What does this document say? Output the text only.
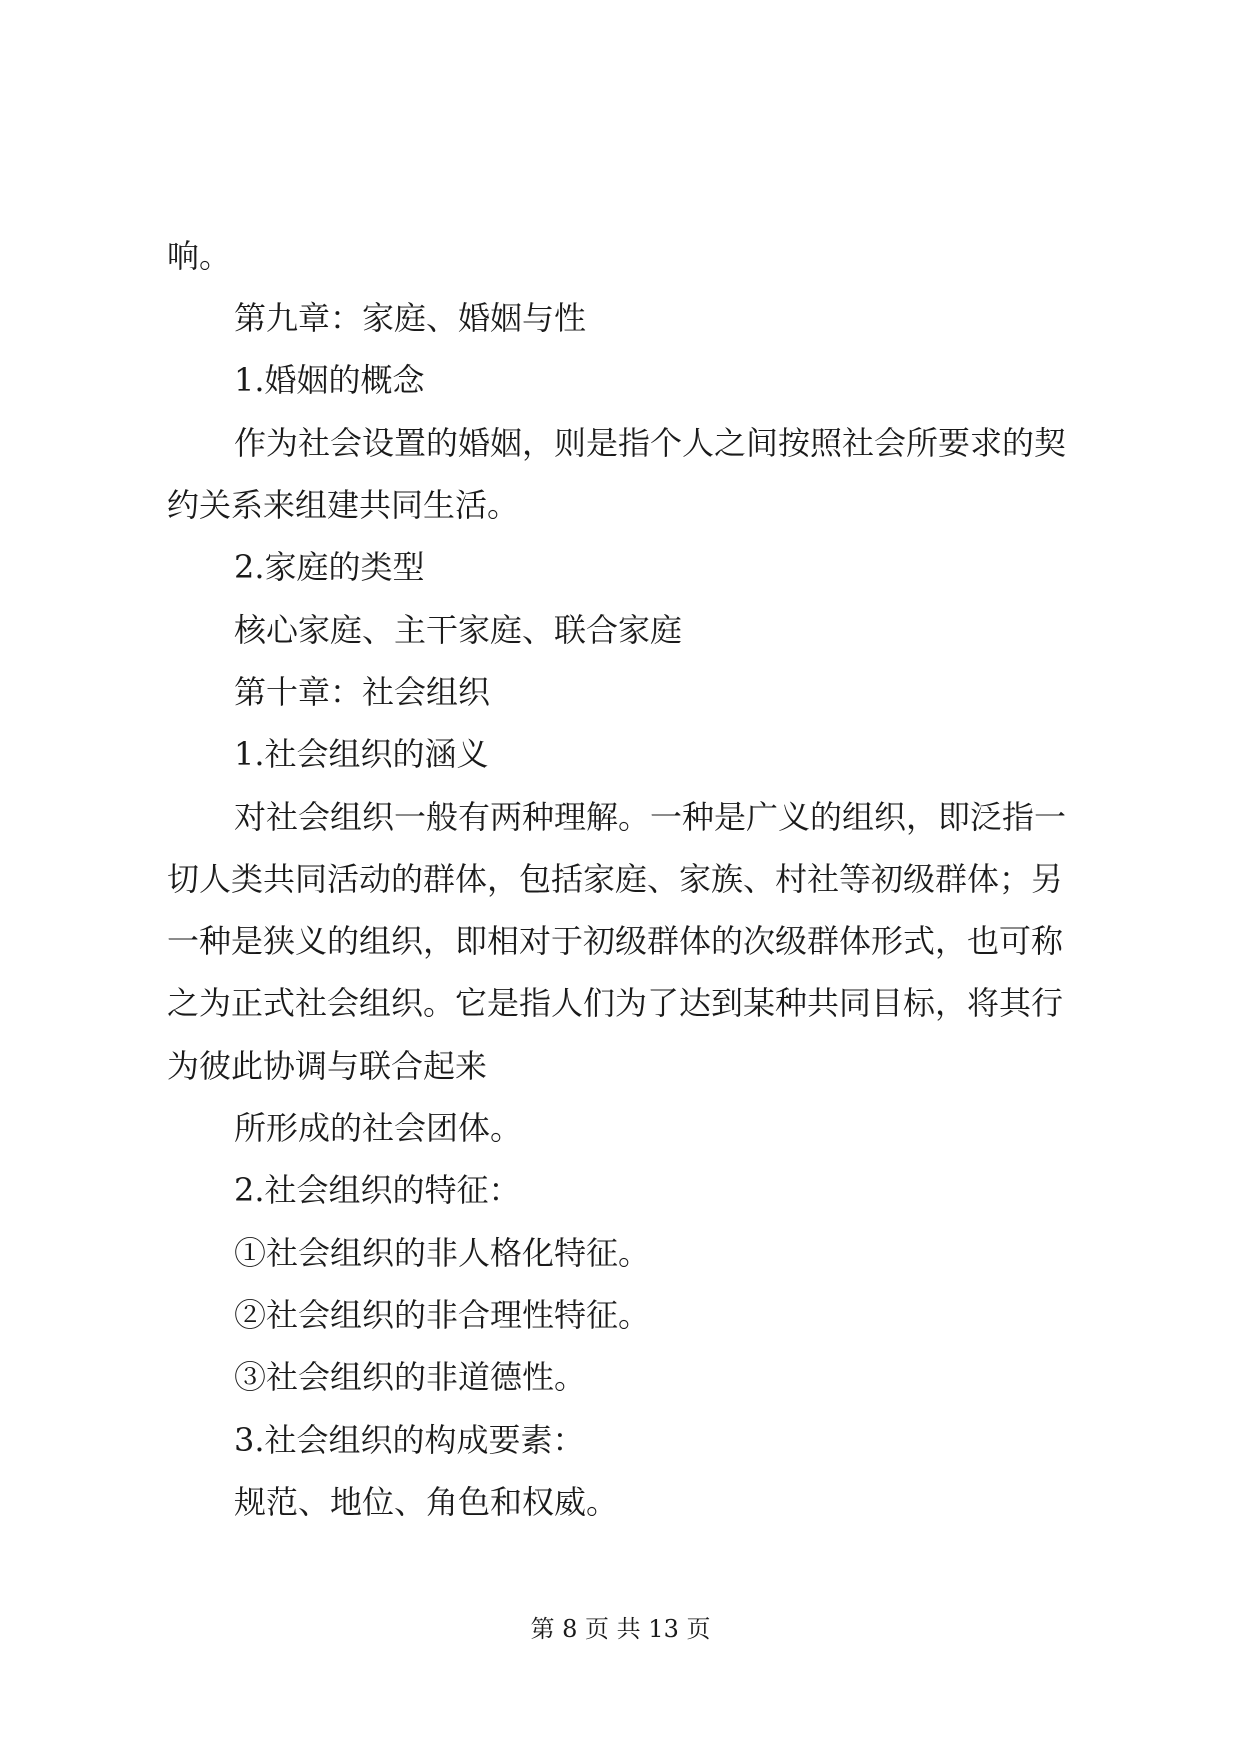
响。
第九章：家庭、婚姻与性
1.婚姻的概念
作为社会设置的婚姻，则是指个人之间按照社会所要求的契
约关系来组建共同生活。
2.家庭的类型
核心家庭、主干家庭、联合家庭
第十章：社会组织
1.社会组织的涵义
对社会组织一般有两种理解。一种是广义的组织，即泛指一
切人类共同活动的群体，包括家庭、家族、村社等初级群体；另
一种是狭义的组织，即相对于初级群体的次级群体形式，也可称
之为正式社会组织。它是指人们为了达到某种共同目标，将其行
为彼此协调与联合起来
所形成的社会团体。
2.社会组织的特征：
①社会组织的非人格化特征。
②社会组织的非合理性特征。
③社会组织的非道德性。
3.社会组织的构成要素：
规范、地位、角色和权威。
第 8 页 共 13 页
